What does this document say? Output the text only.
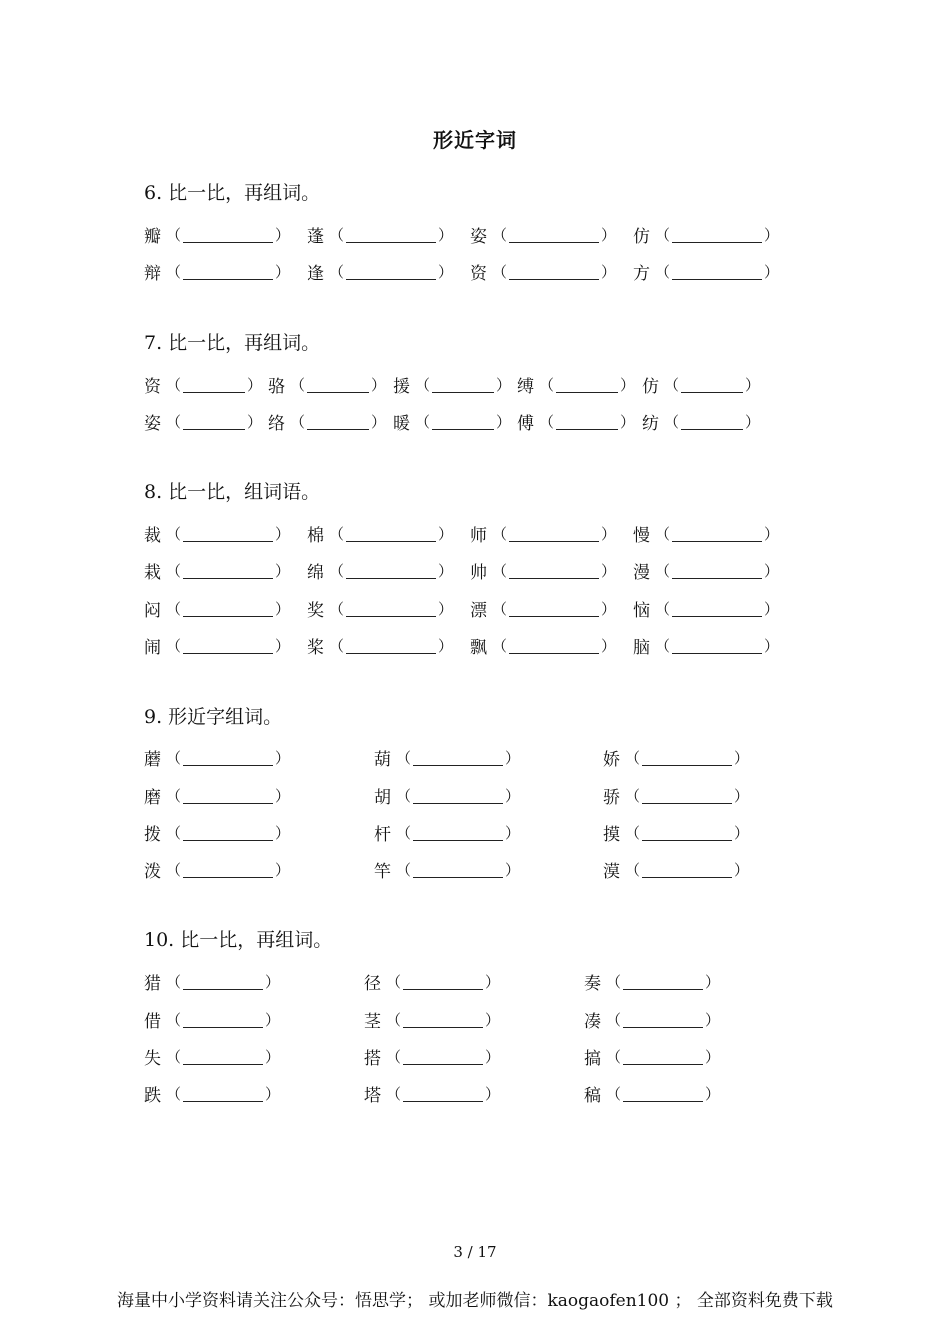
形近字词
6. 比一比，再组词。
瓣 （	） 蓬 （	） 姿 （	） 仿 （	）
辩 （	） 逢 （	） 资 （	） 方 （	）
7. 比一比，再组词。
资 （	） 骆 （	） 援 （	） 缚 （	） 仿 （	）
姿 （	） 络 （	） 暖 （	） 傅 （	） 纺 （	）
8. 比一比，组词语。
裁 （	） 棉 （	） 师 （	） 慢 （	）
栽 （	） 绵 （	） 帅 （	） 漫 （	）
闷 （	） 奖 （	） 漂 （	） 恼 （	）
闹 （	） 桨 （	） 飘 （	） 脑 （	）
9. 形近字组词。
蘑 （	）	葫 （	）	娇 （	）
磨 （	）	胡 （	）	骄 （	）
拨 （	）	杆 （	）	摸 （	）
泼 （	）	竿 （	）	漠 （	）
10. 比一比，再组词。
猎 （	）	径 （	）	奏 （	）
借 （	）	茎 （	）	凑 （	）
失 （	）	搭 （	）	搞 （	）
跌 （	）	塔 （	）	稿 （	）
3 / 17
海量中小学资料请关注公众号：悟思学； 或加老师微信：kaogaofen100 ； 全部资料免费下载
